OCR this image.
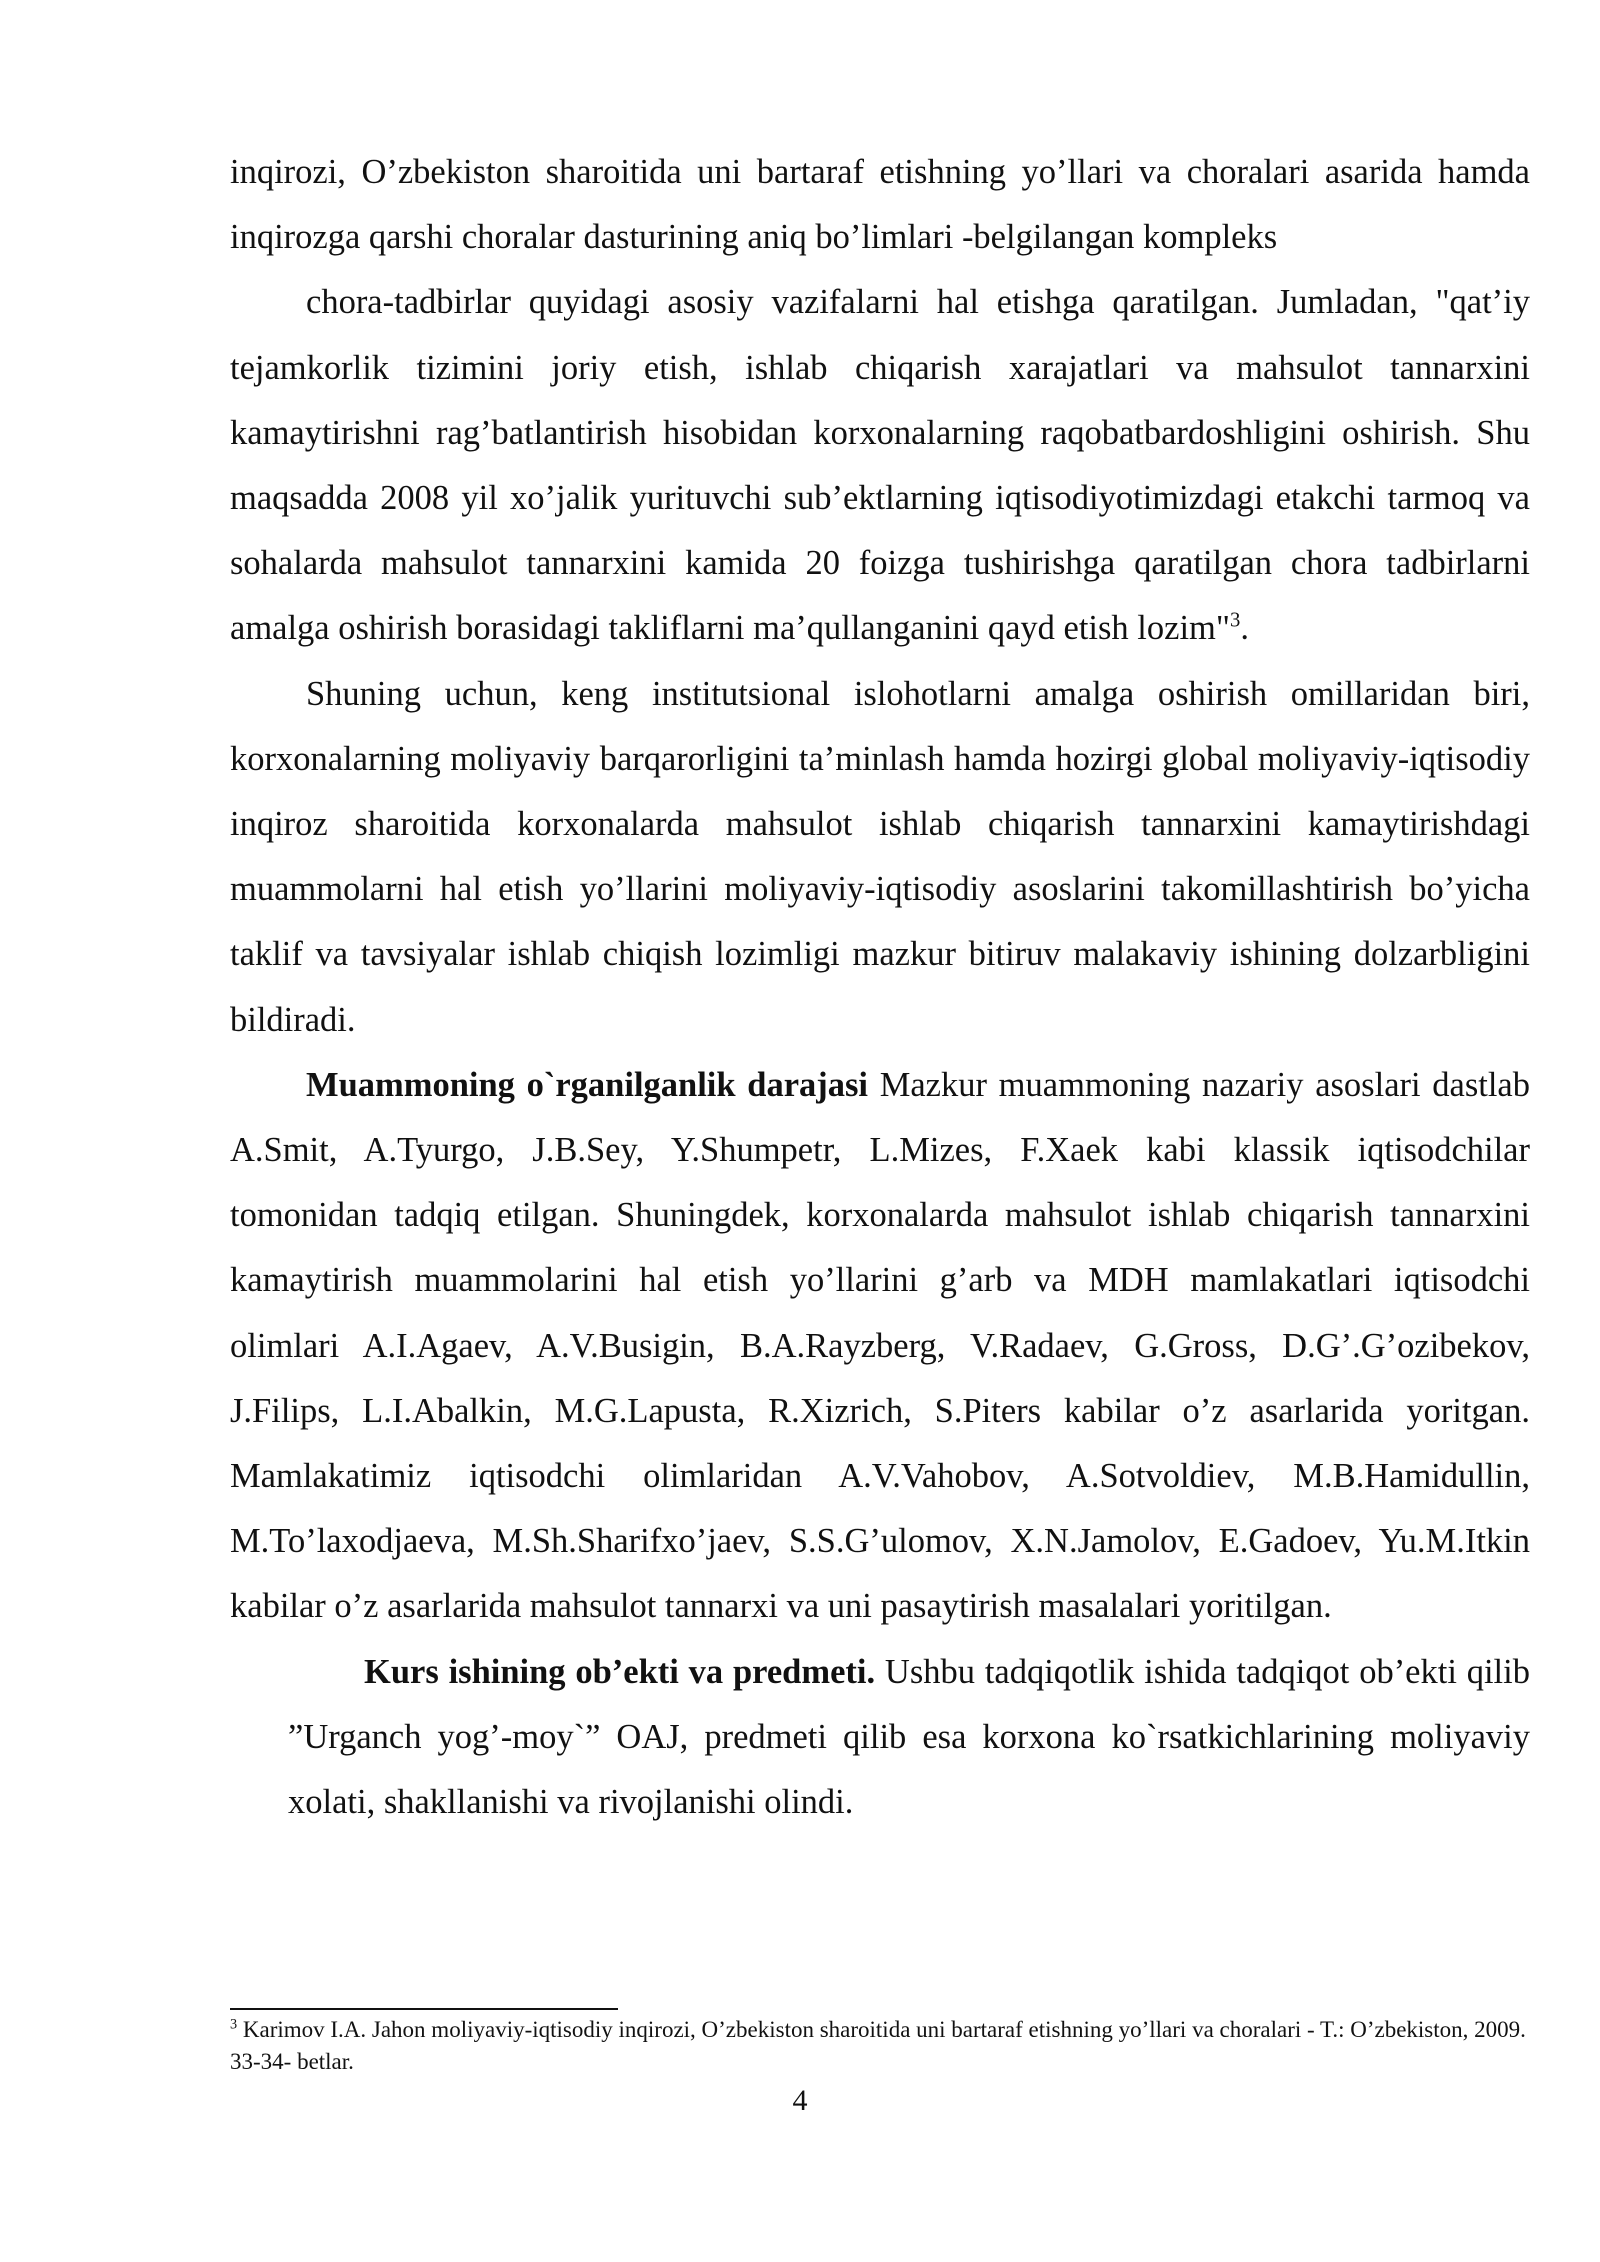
inqirozi, O’zbekiston sharoitida uni bartaraf etishning yo’llari va choralari asarida hamda inqirozga qarshi choralar dasturining aniq bo’limlari -belgilangan kompleks

chora-tadbirlar quyidagi asosiy vazifalarni hal etishga qaratilgan. Jumladan, "qat’iy tejamkorlik tizimini joriy etish, ishlab chiqarish xarajatlari va mahsulot tannarxini kamaytirishni rag’batlantirish hisobidan korxonalarning raqobatbardoshligini oshirish. Shu maqsadda 2008 yil xo’jalik yurituvchi sub’ektlarning iqtisodiyotimizdagi etakchi tarmoq va sohalarda mahsulot tannarxini kamida 20 foizga tushirishga qaratilgan chora tadbirlarni amalga oshirish borasidagi takliflarni ma’qullanganini qayd etish lozim"$^3$.

Shuning uchun, keng institutsional islohotlarni amalga oshirish omillaridan biri, korxonalarning moliyaviy barqarorligini ta’minlash hamda hozirgi global moliyaviy-iqtisodiy inqiroz sharoitida korxonalarda mahsulot ishlab chiqarish tannarxini kamaytirishdagi muammolarni hal etish yo’llarini moliyaviy-iqtisodiy asoslarini takomillashtirish bo’yicha taklif va tavsiyalar ishlab chiqish lozimligi mazkur bitiruv malakaviy ishining dolzarbligini bildiradi.

Muammoning o`rganilganlik darajasi Mazkur muammoning nazariy asoslari dastlab A.Smit, A.Tyurgo, J.B.Sey, Y.Shumpetr, L.Mizes, F.Xaek kabi klassik iqtisodchilar tomonidan tadqiq etilgan. Shuningdek, korxonalarda mahsulot ishlab chiqarish tannarxini kamaytirish muammolarini hal etish yo’llarini g’arb va MDH mamlakatlari iqtisodchi olimlari A.I.Agaev, A.V.Busigin, B.A.Rayzberg, V.Radaev, G.Gross, D.G’.G’ozibekov, J.Filips, L.I.Abalkin, M.G.Lapusta, R.Xizrich, S.Piters kabilar o’z asarlarida yoritgan. Mamlakatimiz iqtisodchi olimlaridan A.V.Vahobov, A.Sotvoldiev, M.B.Hamidullin, M.To’laxodjaeva, M.Sh.Sharifxo’jaev, S.S.G’ulomov, X.N.Jamolov, E.Gadoev, Yu.M.Itkin kabilar o’z asarlarida mahsulot tannarxi va uni pasaytirish masalalari yoritilgan.

Kurs ishining ob’ekti va predmeti. Ushbu tadqiqotlik ishida tadqiqot ob’ekti qilib ”Urganch yog’-moy`” OAJ, predmeti qilib esa korxona ko`rsatkichlarining moliyaviy xolati, shakllanishi va rivojlanishi olindi.

$^3$ Karimov I.A. Jahon moliyaviy-iqtisodiy inqirozi, O’zbekiston sharoitida uni bartaraf etishning yo’llari va choralari - T.: O’zbekiston, 2009. 33-34- betlar.

4
